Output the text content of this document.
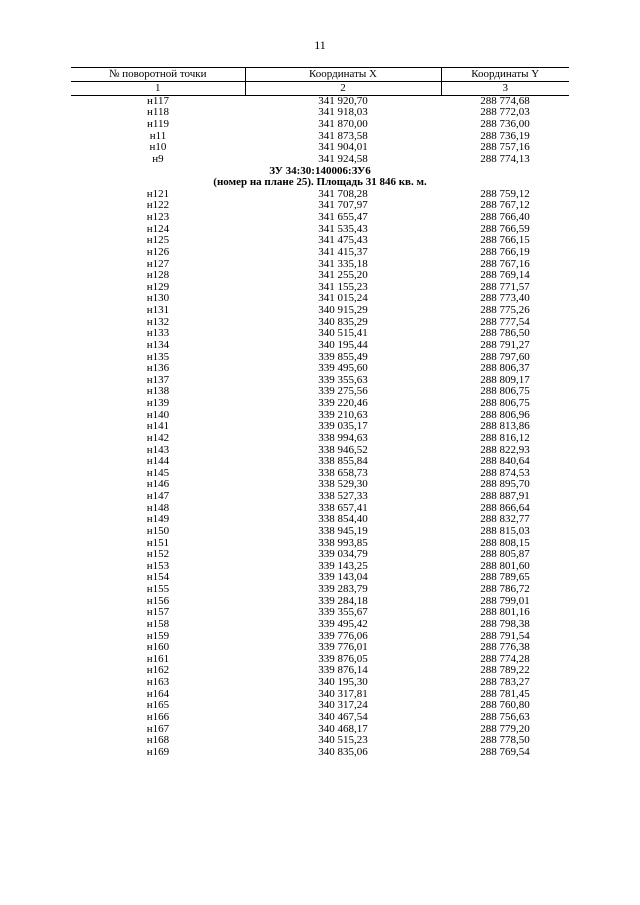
11
№ поворотной точки	Координаты X	Координаты Y
1	2	3
н117	341 920,70	288 774,68
н118	341 918,03	288 772,03
н119	341 870,00	288 736,00
н11	341 873,58	288 736,19
н10	341 904,01	288 757,16
н9	341 924,58	288 774,13
ЗУ 34:30:140006:ЗУ6		
(номер на плане 25). Площадь 31 846 кв. м.		
н121	341 708,28	288 759,12
н122	341 707,97	288 767,12
н123	341 655,47	288 766,40
н124	341 535,43	288 766,59
н125	341 475,43	288 766,15
н126	341 415,37	288 766,19
н127	341 335,18	288 767,16
н128	341 255,20	288 769,14
н129	341 155,23	288 771,57
н130	341 015,24	288 773,40
н131	340 915,29	288 775,26
н132	340 835,29	288 777,54
н133	340 515,41	288 786,50
н134	340 195,44	288 791,27
н135	339 855,49	288 797,60
н136	339 495,60	288 806,37
н137	339 355,63	288 809,17
н138	339 275,56	288 806,75
н139	339 220,46	288 806,75
н140	339 210,63	288 806,96
н141	339 035,17	288 813,86
н142	338 994,63	288 816,12
н143	338 946,52	288 822,93
н144	338 855,84	288 840,64
н145	338 658,73	288 874,53
н146	338 529,30	288 895,70
н147	338 527,33	288 887,91
н148	338 657,41	288 866,64
н149	338 854,40	288 832,77
н150	338 945,19	288 815,03
н151	338 993,85	288 808,15
н152	339 034,79	288 805,87
н153	339 143,25	288 801,60
н154	339 143,04	288 789,65
н155	339 283,79	288 786,72
н156	339 284,18	288 799,01
н157	339 355,67	288 801,16
н158	339 495,42	288 798,38
н159	339 776,06	288 791,54
н160	339 776,01	288 776,38
н161	339 876,05	288 774,28
н162	339 876,14	288 789,22
н163	340 195,30	288 783,27
н164	340 317,81	288 781,45
н165	340 317,24	288 760,80
н166	340 467,54	288 756,63
н167	340 468,17	288 779,20
н168	340 515,23	288 778,50
н169	340 835,06	288 769,54
